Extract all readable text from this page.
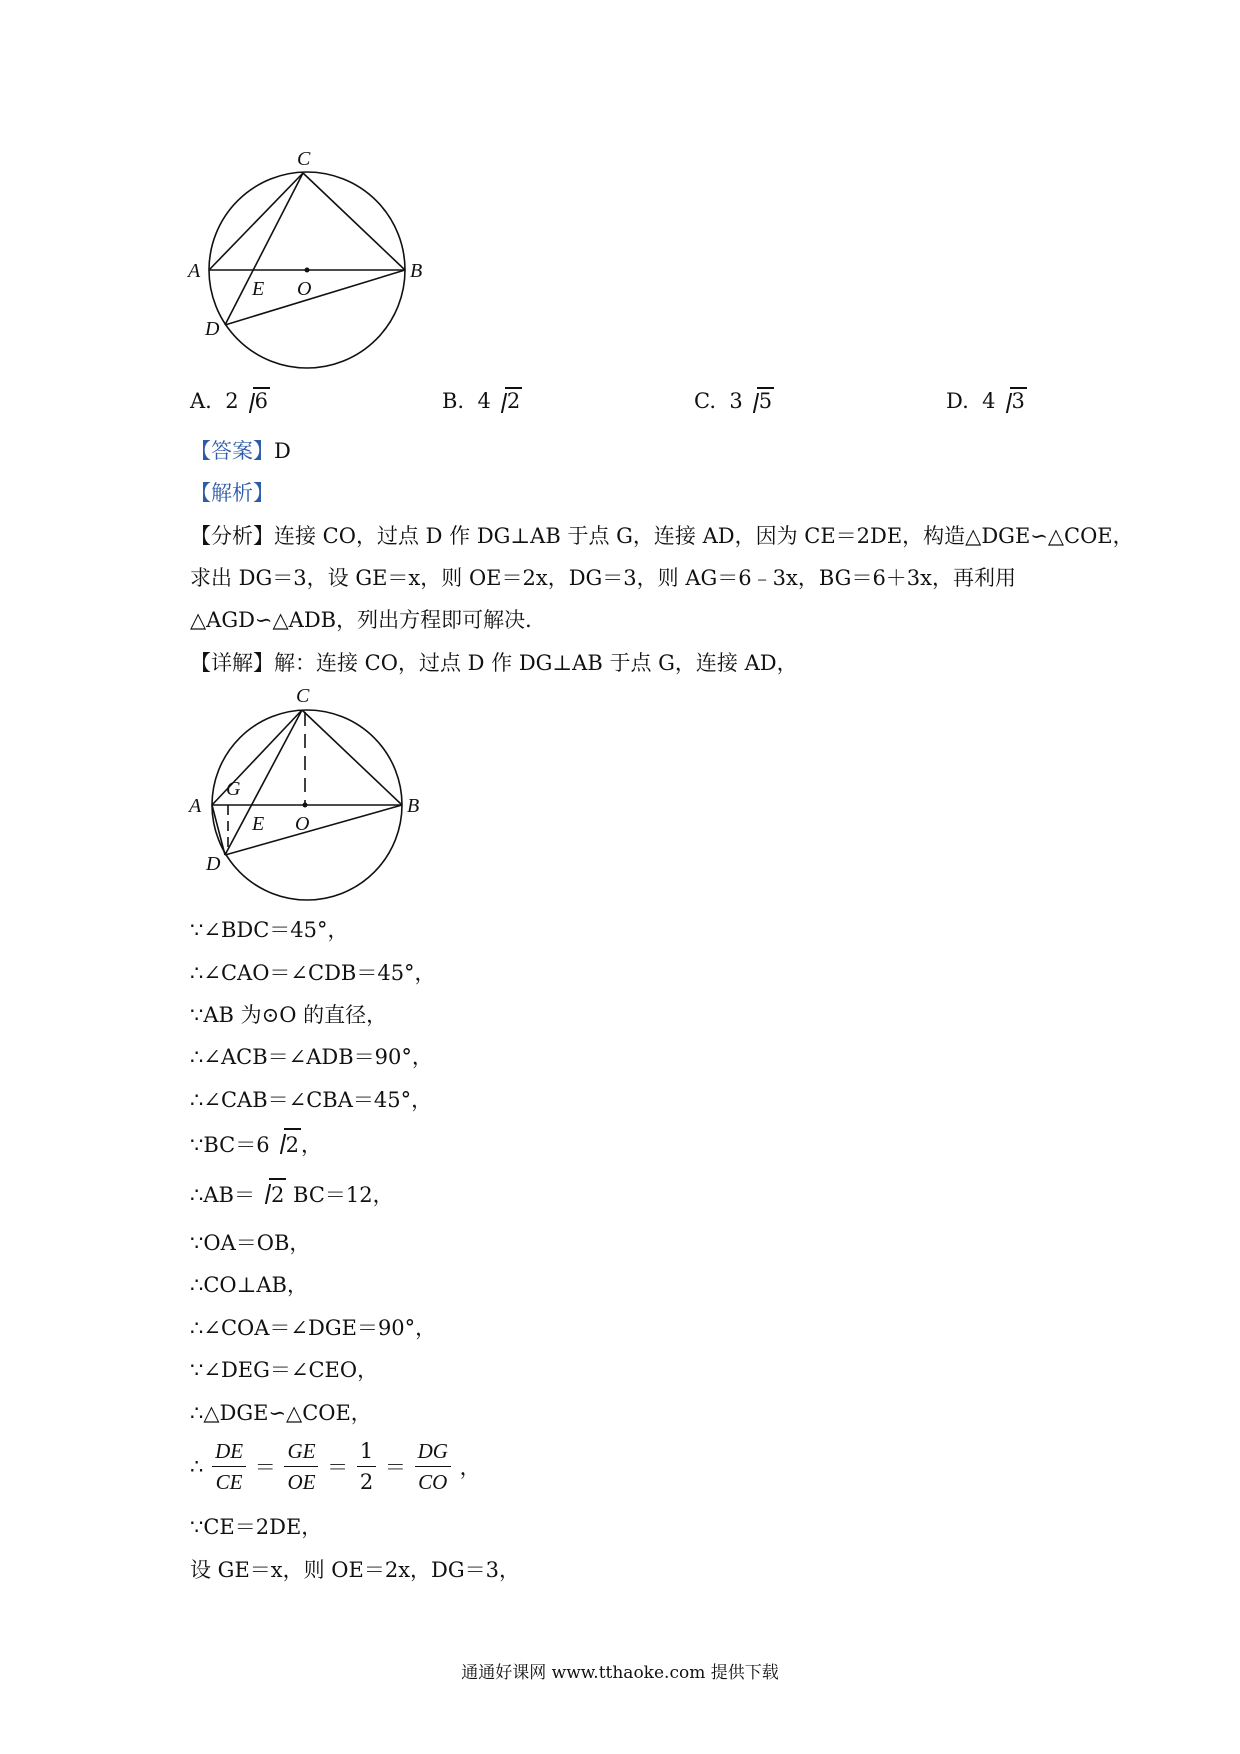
C
A	B
E O
D
A. 2 6	B. 4 2	C. 3 5	D. 4 3
【答案】D
【解析】
【分析】连接 CO，过点 D 作 DG⊥AB 于点 G，连接 AD，因为 CE＝2DE，构造△DGE∽△COE，
求出 DG＝3，设 GE＝x，则 OE＝2x，DG＝3，则 AG＝6﹣3x，BG＝6＋3x，再利用
△AGD∽△ADB，列出方程即可解决．
【详解】解：连接 CO，过点 D 作 DG⊥AB 于点 G，连接 AD，
C
A
G
B
E O
D
∵∠BDC＝45°，
∴∠CAO＝∠CDB＝45°，
∵AB 为⊙O 的直径，
∴∠ACB＝∠ADB＝90°，
∴∠CAB＝∠CBA＝45°，
∵BC＝6 2，
∴AB＝ 2 BC＝12，
∵OA＝OB，
∴CO⊥AB，
∴∠COA＝∠DGE＝90°，
∵∠DEG＝∠CEO，
∴△DGE∽△COE，
∴ $\frac{DE}{CE} = \frac{GE}{OE} = \frac{1}{2} = \frac{DG}{CO}$ ，
∵CE＝2DE，
设 GE＝x，则 OE＝2x，DG＝3，
通通好课网 www.tthaoke.com 提供下载
